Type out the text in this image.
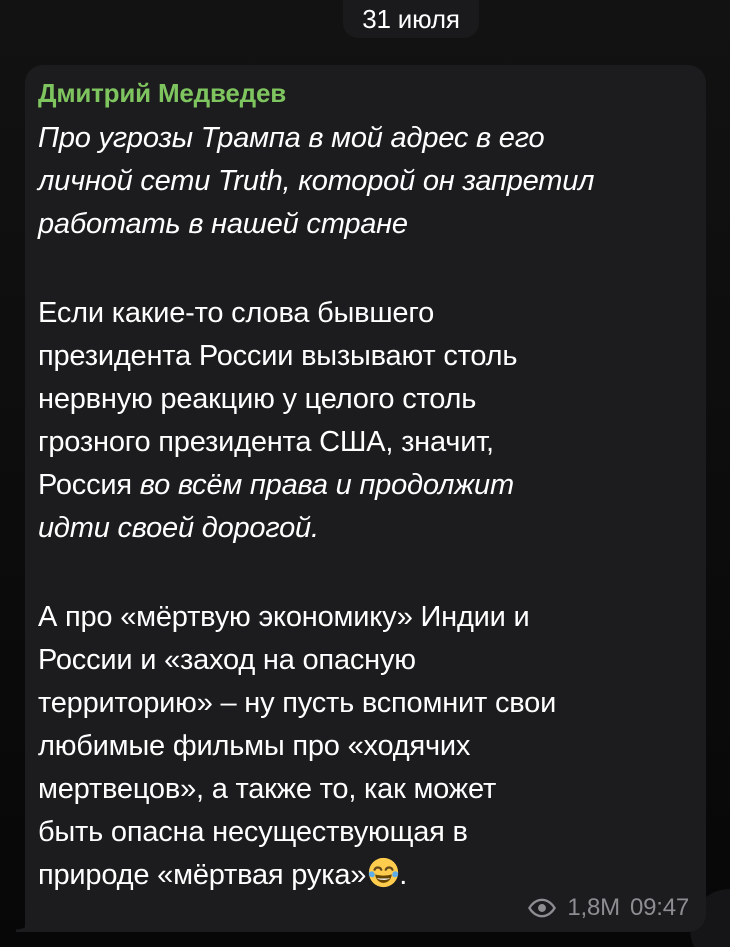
31 июля
Дмитрий Медведев
Про угрозы Трампа в мой адрес в его
личной сети Truth, которой он запретил
работать в нашей стране
Если какие-то слова бывшего
президента России вызывают столь
нервную реакцию у целого столь
грозного президента США, значит,
Россия во всём права и продолжит
идти своей дорогой.
А про «мёртвую экономику» Индии и
России и «заход на опасную
территорию» – ну пусть вспомнит свои
любимые фильмы про «ходячих
мертвецов», а также то, как может
быть опасна несуществующая в
природе «мёртвая рука» .
1,8M 09:47
